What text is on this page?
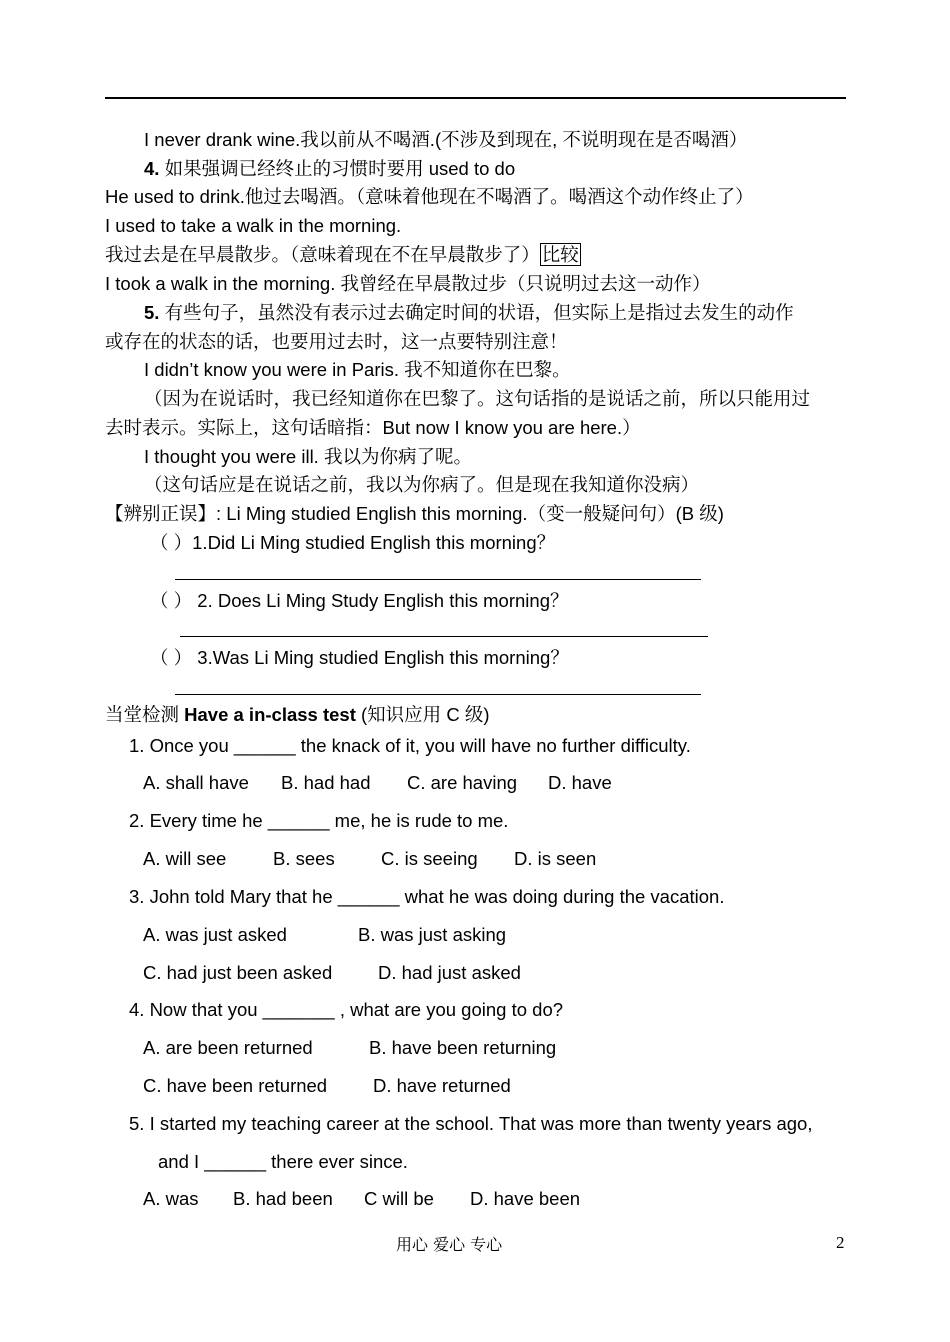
I never drank wine.我以前从不喝酒.(不涉及到现在, 不说明现在是否喝酒）
4. 如果强调已经终止的习惯时要用 used to do
He used to drink.他过去喝酒。（意味着他现在不喝酒了。喝酒这个动作终止了）
I used to take a walk in the morning.
我过去是在早晨散步。（意味着现在不在早晨散步了） 比较
I took a walk in the morning. 我曾经在早晨散过步（只说明过去这一动作）
5. 有些句子，虽然没有表示过去确定时间的状语，但实际上是指过去发生的动作
或存在的状态的话，也要用过去时，这一点要特别注意！
I didn’t know you were in Paris. 我不知道你在巴黎。
（因为在说话时，我已经知道你在巴黎了。这句话指的是说话之前，所以只能用过
去时表示。实际上，这句话暗指：But now I know you are here.）
I thought you were ill. 我以为你病了呢。
（这句话应是在说话之前，我以为你病了。但是现在我知道你没病）
【辨别正误】: Li Ming studied English this morning.（变一般疑问句）(B 级)
（ ）1.Did Li Ming studied English this morning？
（ ） 2. Does Li Ming Study English this morning？
（ ） 3.Was Li Ming studied English this morning？
当堂检测 Have a in-class test (知识应用 C 级)
1. Once you ______ the knack of it, you will have no further difficulty.
A. shall have B. had had C. are having D. have
2. Every time he ______ me, he is rude to me.
A. will see	B. sees	C. is seeing D. is seen
3. John told Mary that he ______ what he was doing during the vacation.
A. was just asked	B. was just asking
C. had just been asked D. had just asked
4. Now that you _______ , what are you going to do?
A. are been returned	B. have been returning
C. have been returned D. have returned
5. I started my teaching career at the school. That was more than twenty years ago,
and I ______ there ever since.
A. was B. had been C will be D. have been
用心 爱心 专心	2
